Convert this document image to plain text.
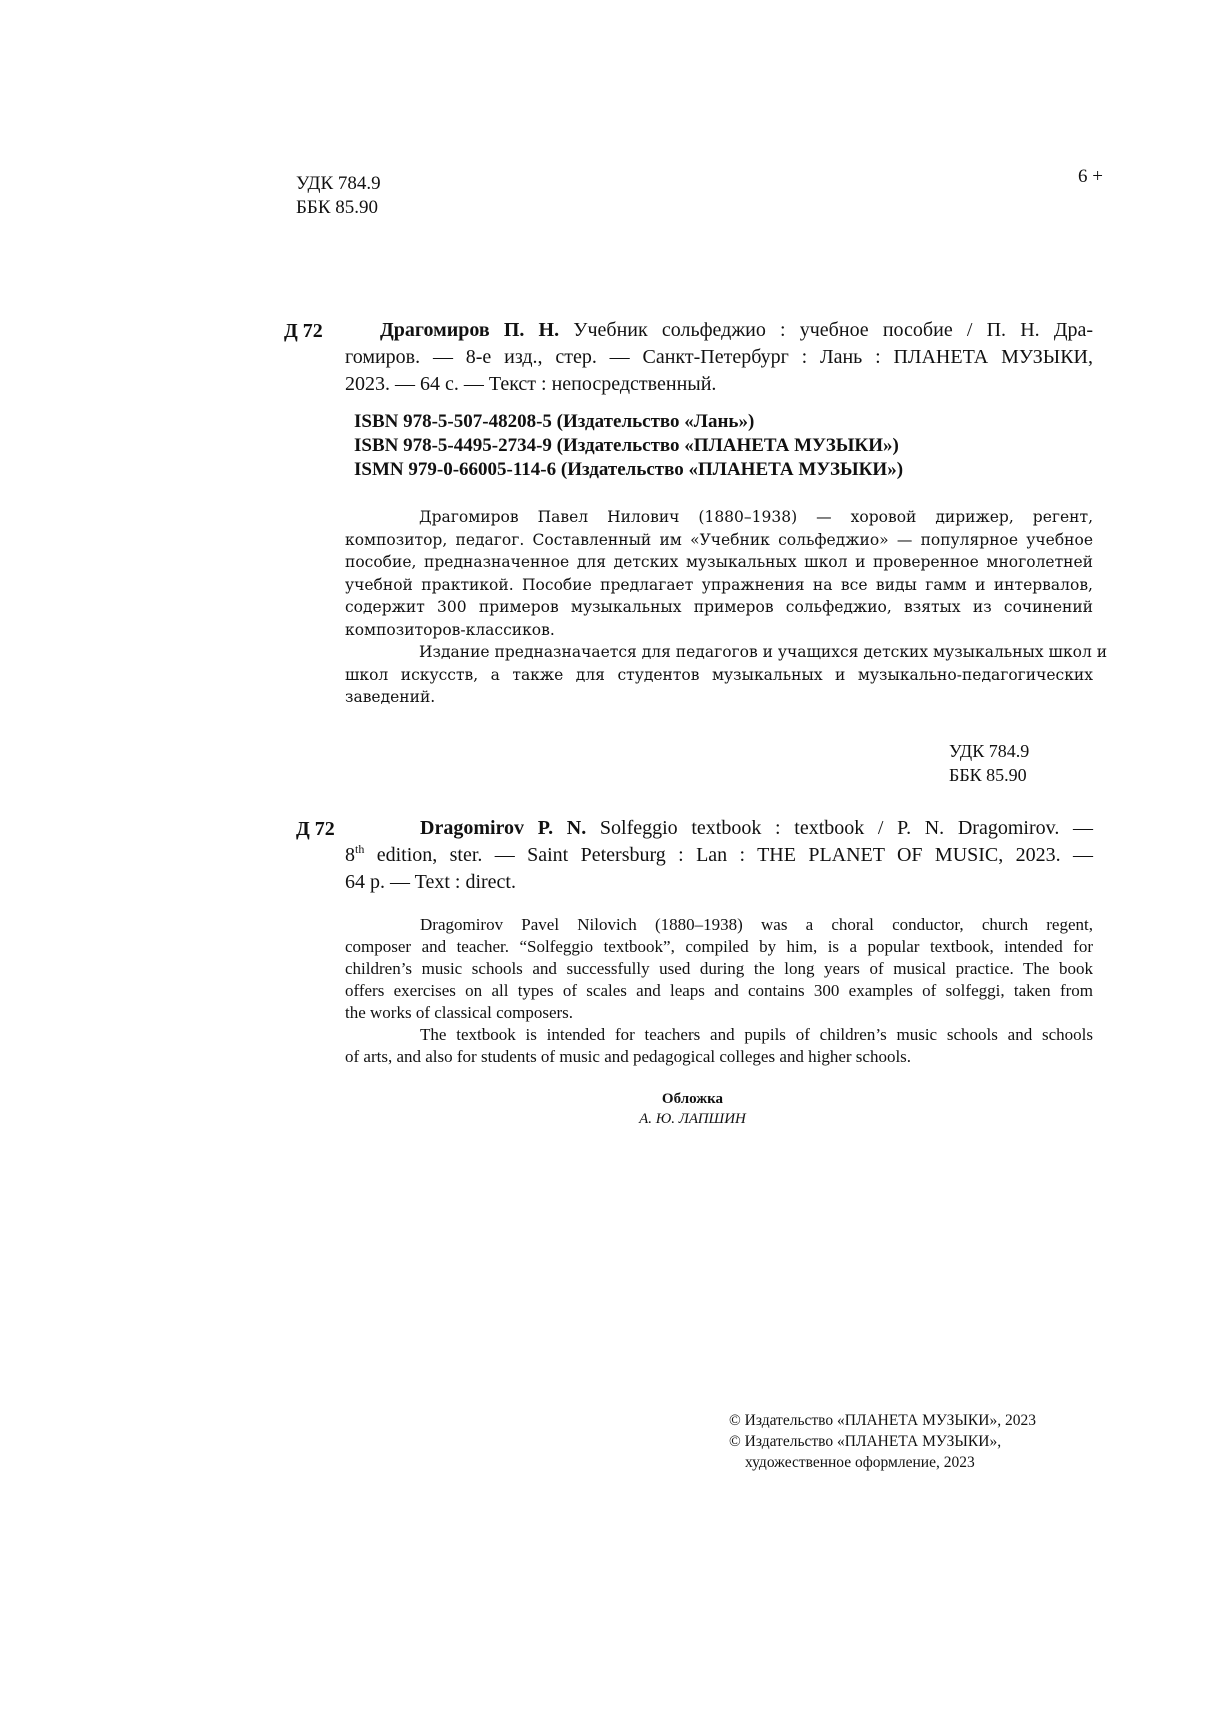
УДК 784.9
ББК 85.90
6 +
Д 72	Драгомиров П. Н. Учебник сольфеджио : учебное пособие / П. Н. Дра-
гомиров. — 8-е изд., стер. — Санкт-Петербург : Лань : ПЛАНЕТА МУЗЫКИ,
2023. — 64 с. — Текст : непосредственный.
ISBN 978-5-507-48208-5 (Издательство «Лань»)
ISBN 978-5-4495-2734-9 (Издательство «ПЛАНЕТА МУЗЫКИ»)
ISMN 979-0-66005-114-6 (Издательство «ПЛАНЕТА МУЗЫКИ»)
Драгомиров Павел Нилович (1880–1938) — хоровой дирижер, регент,
композитор, педагог. Составленный им «Учебник сольфеджио» — популярное учебное
пособие, предназначенное для детских музыкальных школ и проверенное многолетней
учебной практикой. Пособие предлагает упражнения на все виды гамм и интервалов,
содержит 300 примеров музыкальных примеров сольфеджио, взятых из сочинений
композиторов-классиков.
Издание предназначается для педагогов и учащихся детских музыкальных школ и
школ искусств, а также для студентов музыкальных и музыкально-педагогических
заведений.
УДК 784.9
ББК 85.90
Д 72	Dragomirov P. N. Solfeggio textbook : textbook / P. N. Dragomirov. —
8th edition, ster. — Saint Petersburg : Lan : THE PLANET OF MUSIC, 2023. —
64 p. — Text : direct.
Dragomirov Pavel Nilovich (1880–1938) was a choral conductor, church regent,
composer and teacher. “Solfeggio textbook”, compiled by him, is a popular textbook, intended for
children’s music schools and successfully used during the long years of musical practice. The book
offers exercises on all types of scales and leaps and contains 300 examples of solfeggi, taken from
the works of classical composers.
The textbook is intended for teachers and pupils of children’s music schools and schools
of arts, and also for students of music and pedagogical colleges and higher schools.
Обложка
А. Ю. ЛАПШИН
© Издательство «ПЛАНЕТА МУЗЫКИ», 2023
© Издательство «ПЛАНЕТА МУЗЫКИ»,
художественное оформление, 2023
